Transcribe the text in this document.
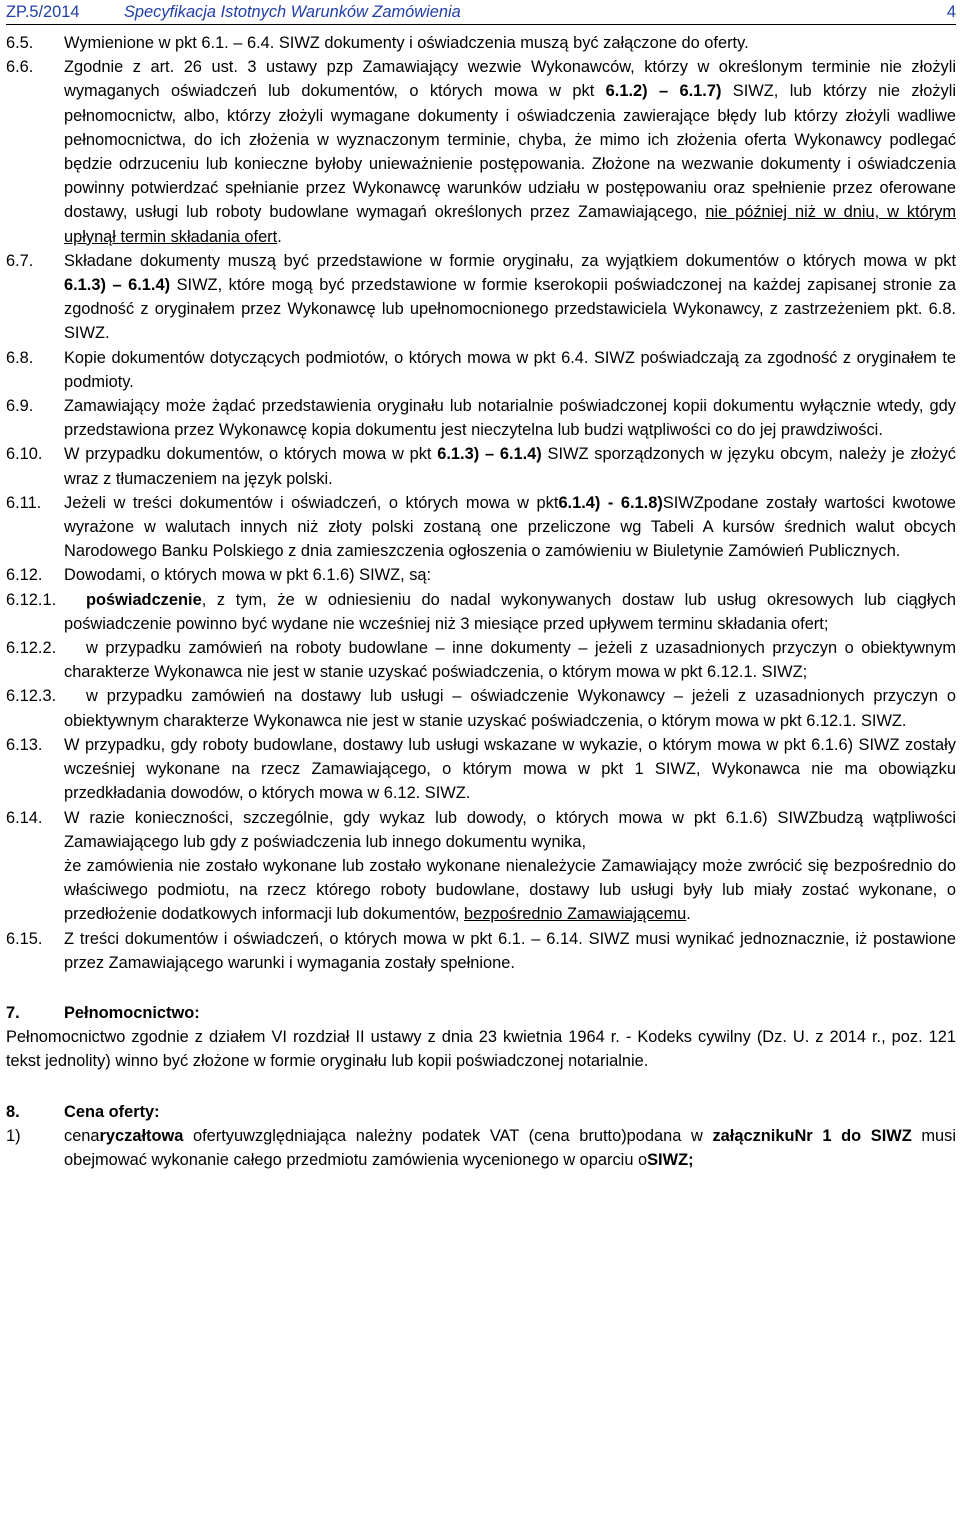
ZP.5/2014	Specyfikacja Istotnych Warunków Zamówienia	4
6.5.	Wymienione w pkt 6.1. – 6.4. SIWZ dokumenty i oświadczenia muszą być załączone do oferty.
6.6.	Zgodnie z art. 26 ust. 3 ustawy pzp Zamawiający wezwie Wykonawców, którzy w określonym terminie nie złożyli wymaganych oświadczeń lub dokumentów, o których mowa w pkt 6.1.2) – 6.1.7) SIWZ, lub którzy nie złożyli pełnomocnictw, albo, którzy złożyli wymagane dokumenty i oświadczenia zawierające błędy lub którzy złożyli wadliwe pełnomocnictwa, do ich złożenia w wyznaczonym terminie, chyba, że mimo ich złożenia oferta Wykonawcy podlegać będzie odrzuceniu lub konieczne byłoby unieważnienie postępowania. Złożone na wezwanie dokumenty i oświadczenia powinny potwierdzać spełnianie przez Wykonawcę warunków udziału w postępowaniu oraz spełnienie przez oferowane dostawy, usługi lub roboty budowlane wymagań określonych przez Zamawiającego, nie później niż w dniu, w którym upłynął termin składania ofert.
6.7.	Składane dokumenty muszą być przedstawione w formie oryginału, za wyjątkiem dokumentów o których mowa w pkt 6.1.3) – 6.1.4) SIWZ, które mogą być przedstawione w formie kserokopii poświadczonej na każdej zapisanej stronie za zgodność z oryginałem przez Wykonawcę lub upełnomocnionego przedstawiciela Wykonawcy, z zastrzeżeniem pkt. 6.8. SIWZ.
6.8.	Kopie dokumentów dotyczących podmiotów, o których mowa w pkt 6.4. SIWZ poświadczają za zgodność z oryginałem te podmioty.
6.9.	Zamawiający może żądać przedstawienia oryginału lub notarialnie poświadczonej kopii dokumentu wyłącznie wtedy, gdy przedstawiona przez Wykonawcę kopia dokumentu jest nieczytelna lub budzi wątpliwości co do jej prawdziwości.
6.10.	W przypadku dokumentów, o których mowa w pkt 6.1.3) – 6.1.4) SIWZ sporządzonych w języku obcym, należy je złożyć wraz z tłumaczeniem na język polski.
6.11.	Jeżeli w treści dokumentów i oświadczeń, o których mowa w pkt6.1.4) - 6.1.8)SIWZpodane zostały wartości kwotowe wyrażone w walutach innych niż złoty polski zostaną one przeliczone wg Tabeli A kursów średnich walut obcych Narodowego Banku Polskiego z dnia zamieszczenia ogłoszenia o zamówieniu w Biuletynie Zamówień Publicznych.
6.12.	Dowodami, o których mowa w pkt 6.1.6) SIWZ, są:
6.12.1.	poświadczenie, z tym, że w odniesieniu do nadal wykonywanych dostaw lub usług okresowych lub ciągłych poświadczenie powinno być wydane nie wcześniej niż 3 miesiące przed upływem terminu składania ofert;
6.12.2.	w przypadku zamówień na roboty budowlane – inne dokumenty – jeżeli z uzasadnionych przyczyn o obiektywnym charakterze Wykonawca nie jest w stanie uzyskać poświadczenia, o którym mowa w pkt 6.12.1. SIWZ;
6.12.3.	w przypadku zamówień na dostawy lub usługi – oświadczenie Wykonawcy – jeżeli z uzasadnionych przyczyn o obiektywnym charakterze Wykonawca nie jest w stanie uzyskać poświadczenia, o którym mowa w pkt 6.12.1. SIWZ.
6.13.	W przypadku, gdy roboty budowlane, dostawy lub usługi wskazane w wykazie, o którym mowa w pkt 6.1.6) SIWZ zostały wcześniej wykonane na rzecz Zamawiającego, o którym mowa w pkt 1 SIWZ, Wykonawca nie ma obowiązku przedkładania dowodów, o których mowa w 6.12. SIWZ.
6.14.	W razie konieczności, szczególnie, gdy wykaz lub dowody, o których mowa w pkt 6.1.6) SIWZbudzą wątpliwości Zamawiającego lub gdy z poświadczenia lub innego dokumentu wynika,
że zamówienia nie zostało wykonane lub zostało wykonane nienależycie Zamawiający może zwrócić się bezpośrednio do właściwego podmiotu, na rzecz którego roboty budowlane, dostawy lub usługi były lub miały zostać wykonane, o przedłożenie dodatkowych informacji lub dokumentów, bezpośrednio Zamawiającemu.
6.15.	Z treści dokumentów i oświadczeń, o których mowa w pkt 6.1. – 6.14. SIWZ musi wynikać jednoznacznie, iż postawione przez Zamawiającego warunki i wymagania zostały spełnione.
7.	Pełnomocnictwo:
Pełnomocnictwo zgodnie z działem VI rozdział II ustawy z dnia 23 kwietnia 1964 r. - Kodeks cywilny (Dz. U. z 2014 r., poz. 121 tekst jednolity) winno być złożone w formie oryginału lub kopii poświadczonej notarialnie.
8.	Cena oferty:
1)	cenaryczałtowa ofertyuwzględniająca należny podatek VAT (cena brutto)podana w załącznikuNr 1 do SIWZ musi obejmować wykonanie całego przedmiotu zamówienia wycenionego w oparciu oSIWZ;
